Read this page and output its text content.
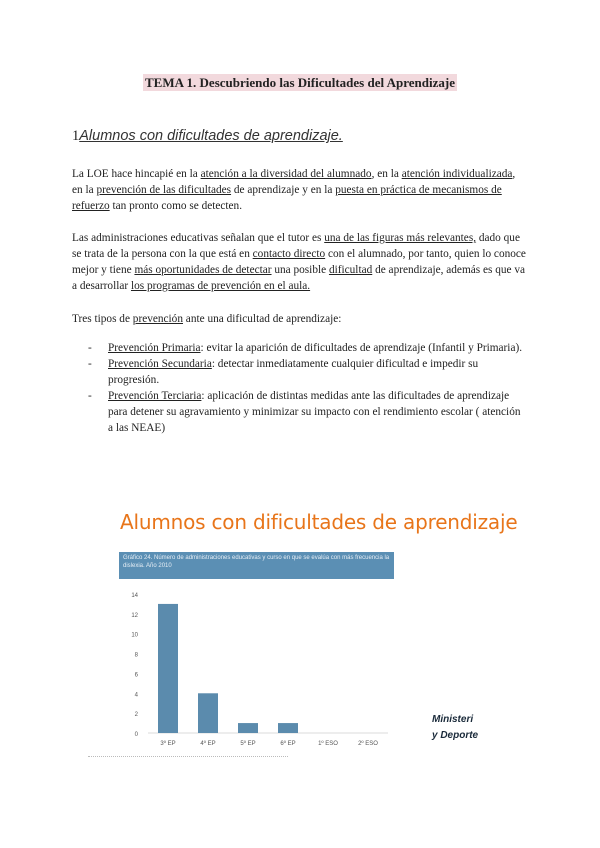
TEMA 1. Descubriendo las Dificultades del Aprendizaje
1Alumnos con dificultades de aprendizaje.

La LOE hace hincapié en la atención a la diversidad del alumnado, en la atención individualizada, en la prevención de las dificultades de aprendizaje y en la puesta en práctica de mecanismos de refuerzo tan pronto como se detecten.

Las administraciones educativas señalan que el tutor es una de las figuras más relevantes, dado que se trata de la persona con la que está en contacto directo con el alumnado, por tanto, quien lo conoce mejor y tiene más oportunidades de detectar una posible dificultad de aprendizaje, además es que va a desarrollar los programas de prevención en el aula.

Tres tipos de prevención ante una dificultad de aprendizaje:

- Prevención Primaria: evitar la aparición de dificultades de aprendizaje (Infantil y Primaria).
- Prevención Secundaria: detectar inmediatamente cualquier dificultad e impedir su progresión.
- Prevención Terciaria: aplicación de distintas medidas ante las dificultades de aprendizaje para detener su agravamiento y minimizar su impacto con el rendimiento escolar ( atención a las NEAE)
Alumnos con dificultades de aprendizaje
Gráfico 24. Número de administraciones educativas y curso en que se evalúa con más frecuencia la dislexia. Año 2010
0
2
4
6
8
10
12
14
3º EP	4º EP	5º EP	6º EP	1º ESO	2º ESO
Ministeri
y Deporte
